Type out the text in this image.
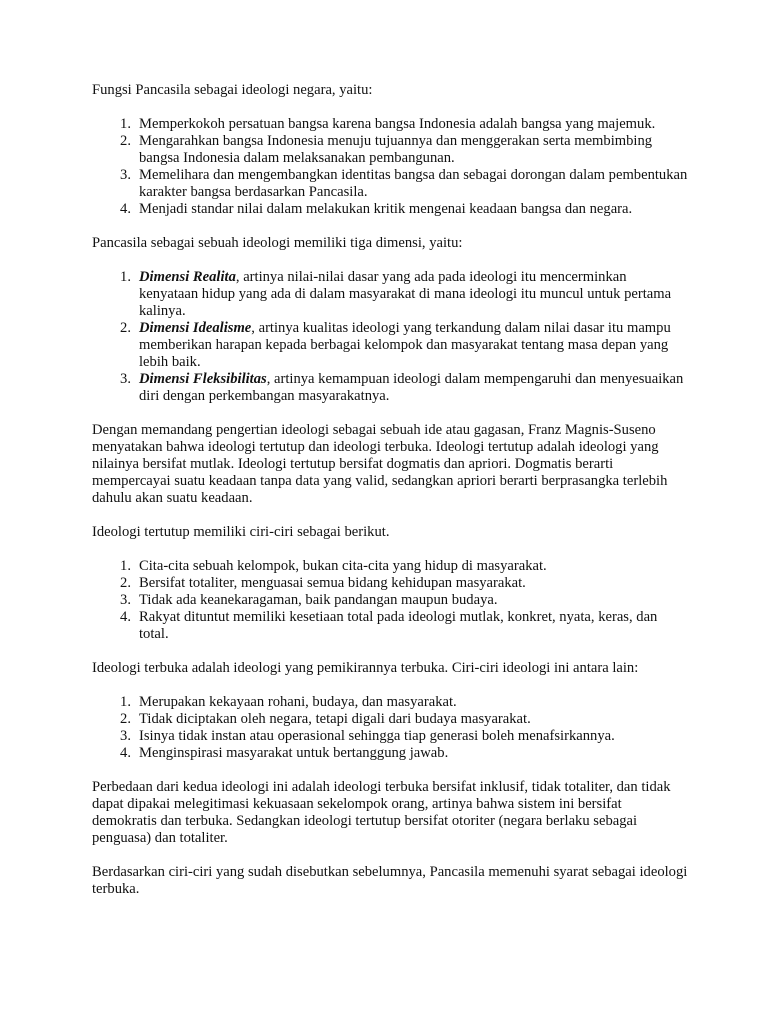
Fungsi Pancasila sebagai ideologi negara, yaitu:

1. Memperkokoh persatuan bangsa karena bangsa Indonesia adalah bangsa yang majemuk.
2. Mengarahkan bangsa Indonesia menuju tujuannya dan menggerakan serta membimbing bangsa Indonesia dalam melaksanakan pembangunan.
3. Memelihara dan mengembangkan identitas bangsa dan sebagai dorongan dalam pembentukan karakter bangsa berdasarkan Pancasila.
4. Menjadi standar nilai dalam melakukan kritik mengenai keadaan bangsa dan negara.

Pancasila sebagai sebuah ideologi memiliki tiga dimensi, yaitu:

1. Dimensi Realita, artinya nilai-nilai dasar yang ada pada ideologi itu mencerminkan kenyataan hidup yang ada di dalam masyarakat di mana ideologi itu muncul untuk pertama kalinya.
2. Dimensi Idealisme, artinya kualitas ideologi yang terkandung dalam nilai dasar itu mampu memberikan harapan kepada berbagai kelompok dan masyarakat tentang masa depan yang lebih baik.
3. Dimensi Fleksibilitas, artinya kemampuan ideologi dalam mempengaruhi dan menyesuaikan diri dengan perkembangan masyarakatnya.

Dengan memandang pengertian ideologi sebagai sebuah ide atau gagasan, Franz Magnis-Suseno menyatakan bahwa ideologi tertutup dan ideologi terbuka. Ideologi tertutup adalah ideologi yang nilainya bersifat mutlak. Ideologi tertutup bersifat dogmatis dan apriori. Dogmatis berarti mempercayai suatu keadaan tanpa data yang valid, sedangkan apriori berarti berprasangka terlebih dahulu akan suatu keadaan.

Ideologi tertutup memiliki ciri-ciri sebagai berikut.

1. Cita-cita sebuah kelompok, bukan cita-cita yang hidup di masyarakat.
2. Bersifat totaliter, menguasai semua bidang kehidupan masyarakat.
3. Tidak ada keanekaragaman, baik pandangan maupun budaya.
4. Rakyat dituntut memiliki kesetiaan total pada ideologi mutlak, konkret, nyata, keras, dan total.

Ideologi terbuka adalah ideologi yang pemikirannya terbuka. Ciri-ciri ideologi ini antara lain:

1. Merupakan kekayaan rohani, budaya, dan masyarakat.
2. Tidak diciptakan oleh negara, tetapi digali dari budaya masyarakat.
3. Isinya tidak instan atau operasional sehingga tiap generasi boleh menafsirkannya.
4. Menginspirasi masyarakat untuk bertanggung jawab.

Perbedaan dari kedua ideologi ini adalah ideologi terbuka bersifat inklusif, tidak totaliter, dan tidak dapat dipakai melegitimasi kekuasaan sekelompok orang, artinya bahwa sistem ini bersifat demokratis dan terbuka. Sedangkan ideologi tertutup bersifat otoriter (negara berlaku sebagai penguasa) dan totaliter.

Berdasarkan ciri-ciri yang sudah disebutkan sebelumnya, Pancasila memenuhi syarat sebagai ideologi terbuka.
